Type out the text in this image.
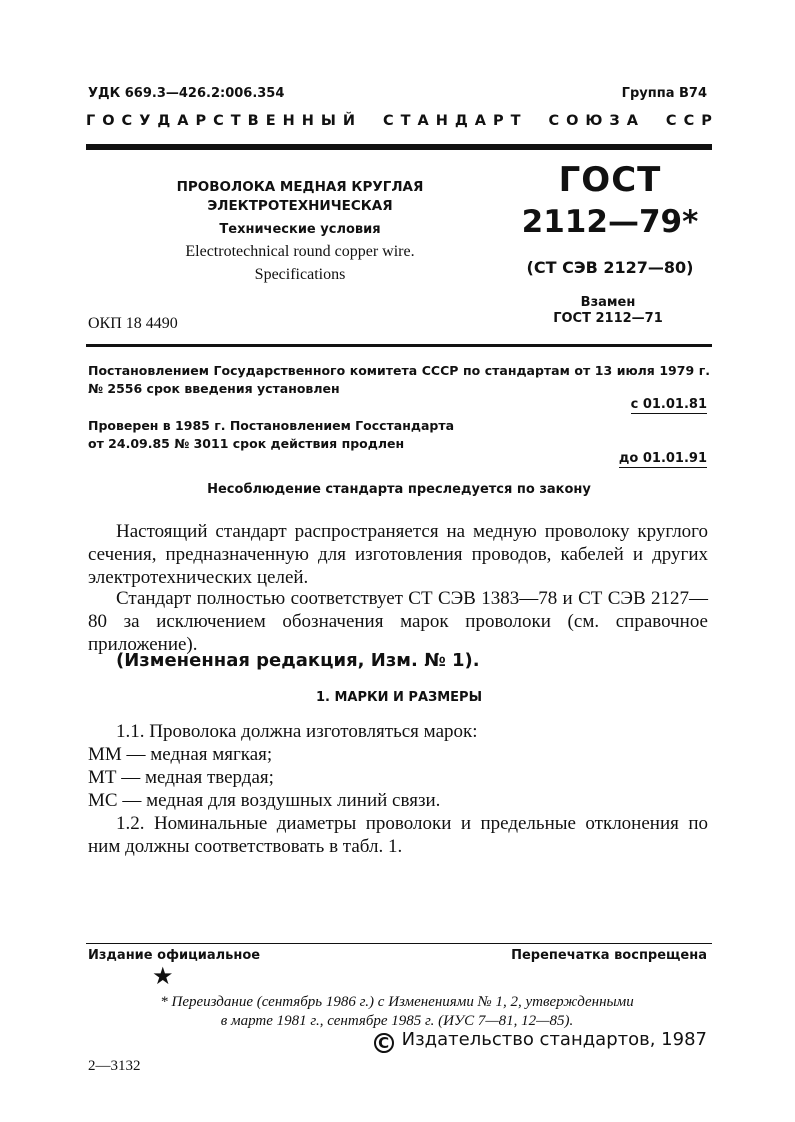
УДК 669.3—426.2:006.354	Группа В74
Г О С У Д А Р С Т В Е Н Н Ы Й С Т А Н Д А Р Т С О Ю З А С С Р
ПРОВОЛОКА МЕДНАЯ КРУГЛАЯ
ЭЛЕКТРОТЕХНИЧЕСКАЯ
Технические условия
Electrotechnical round copper wire.
Specifications
ГОСТ
2112—79*
(СТ СЭВ 2127—80)
Взамен
ГОСТ 2112—71
ОКП 18 4490
Постановлением Государственного комитета СССР по стандартам от 13 июля 1979 г. № 2556 срок введения установлен
с 01.01.81
Проверен в 1985 г. Постановлением Госстандарта
от 24.09.85 № 3011 срок действия продлен
до 01.01.91
Несоблюдение стандарта преследуется по закону
Настоящий стандарт распространяется на медную проволоку круглого сечения, предназначенную для изготовления проводов, кабелей и других электротехнических целей.
Стандарт полностью соответствует СТ СЭВ 1383—78 и СТ СЭВ 2127—80 за исключением обозначения марок проволоки (см. справочное приложение).
(Измененная редакция, Изм. № 1).
1. МАРКИ И РАЗМЕРЫ
1.1. Проволока должна изготовляться марок:
ММ — медная мягкая;
МТ — медная твердая;
МС — медная для воздушных линий связи.
1.2. Номинальные диаметры проволоки и предельные отклонения по ним должны соответствовать в табл. 1.
Издание официальное	Перепечатка воспрещена
★
* Переиздание (сентябрь 1986 г.) с Изменениями № 1, 2, утвержденными
в марте 1981 г., сентябре 1985 г. (ИУС 7—81, 12—85).
C Издательство стандартов, 1987
2—3132
